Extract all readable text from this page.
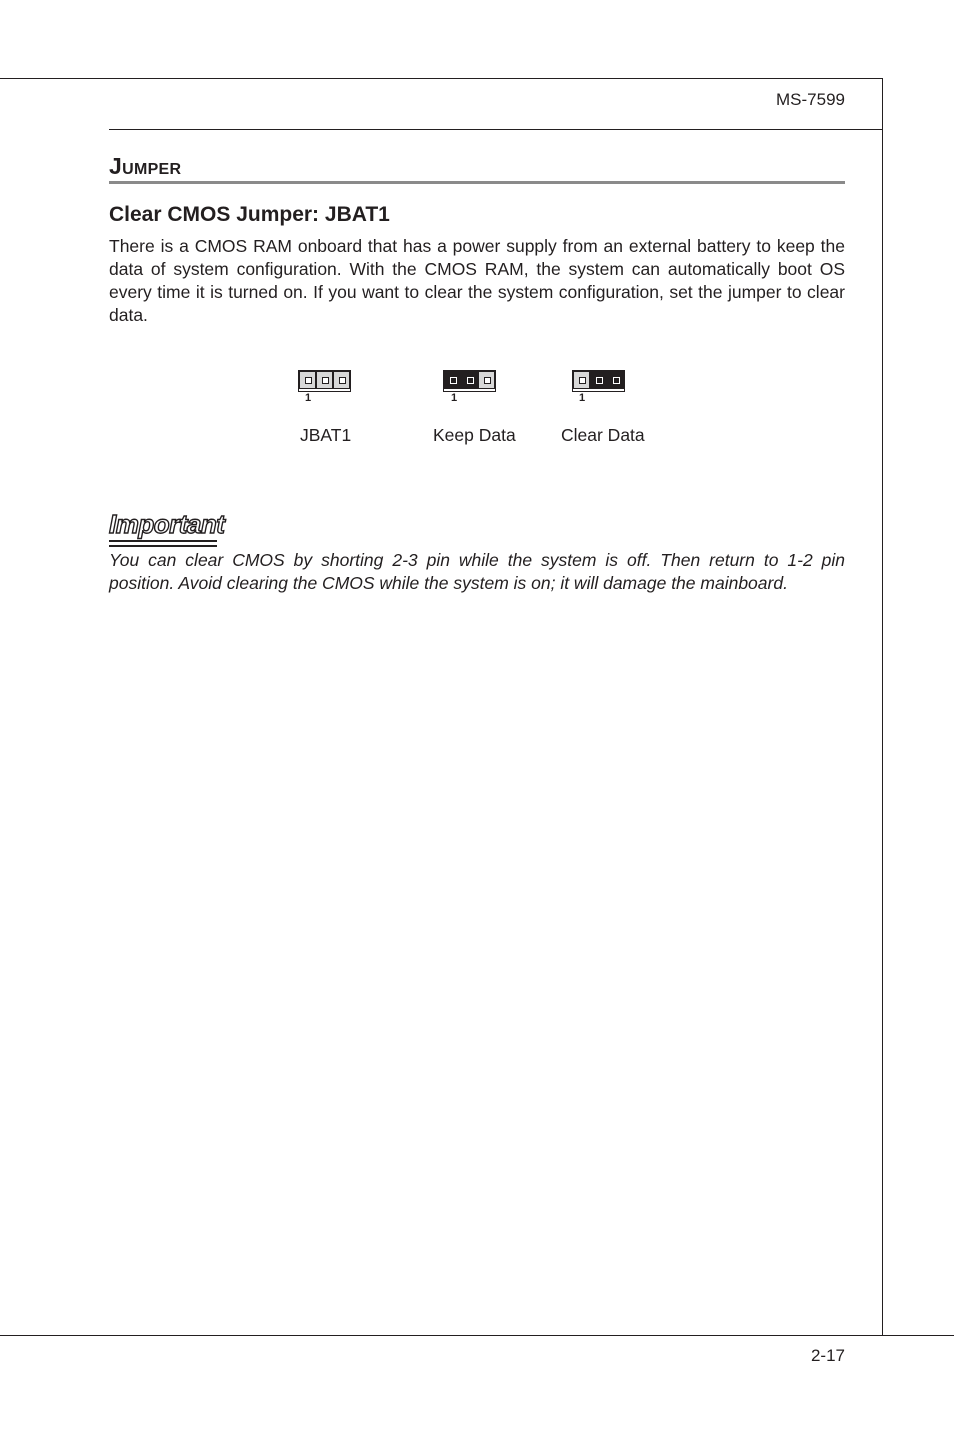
MS-7599
Jumper
Clear CMOS Jumper: JBAT1

There is a CMOS RAM onboard that has a power supply from an external battery to keep the data of system configuration. With the CMOS RAM, the system can automatically boot OS every time it is turned on. If you want to clear the system configuration, set the jumper to clear data.

1
JBAT1
1
Keep Data
1
Clear Data
Important

You can clear CMOS by shorting 2-3 pin while the system is off. Then return to 1-2 pin position. Avoid clearing the CMOS while the system is on; it will damage the mainboard.

2-17
